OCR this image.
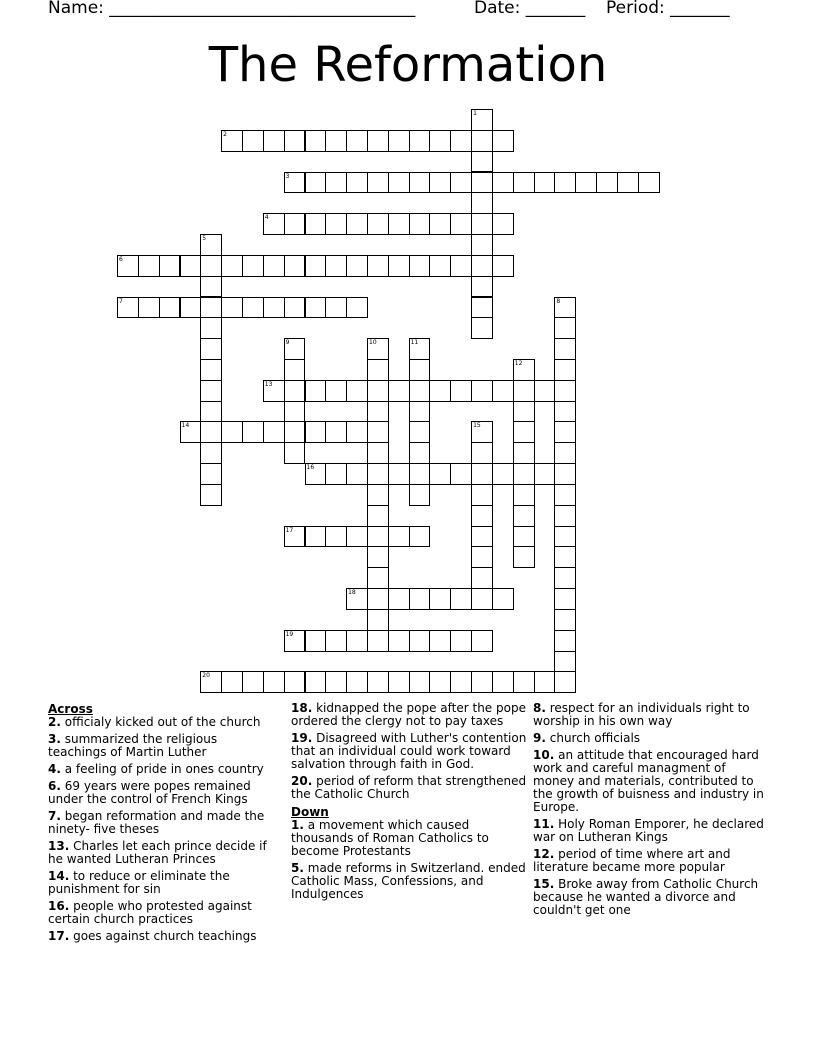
Name: ____________________________________	Date: _______ Period: _______
The Reformation
1
2
3
4
5
6
7	8
9	10	11
12
13
14	15
16
17
18
19
20
Across

2. officialy kicked out of the church

3. summarized the religious teachings of Martin Luther

4. a feeling of pride in ones country

6. 69 years were popes remained under the control of French Kings

7. began reformation and made the ninety- five theses

13. Charles let each prince decide if he wanted Lutheran Princes

14. to reduce or eliminate the punishment for sin

16. people who protested against certain church practices

17. goes against church teachings

18. kidnapped the pope after the pope ordered the clergy not to pay taxes

19. Disagreed with Luther's contention that an individual could work toward salvation through faith in God.

20. period of reform that strengthened the Catholic Church

Down

1. a movement which caused thousands of Roman Catholics to become Protestants

5. made reforms in Switzerland. ended Catholic Mass, Confessions, and Indulgences

8. respect for an individuals right to worship in his own way

9. church officials

10. an attitude that encouraged hard work and careful managment of money and materials, contributed to the growth of buisness and industry in Europe.

11. Holy Roman Emporer, he declared war on Lutheran Kings

12. period of time where art and literature became more popular

15. Broke away from Catholic Church because he wanted a divorce and couldn't get one
